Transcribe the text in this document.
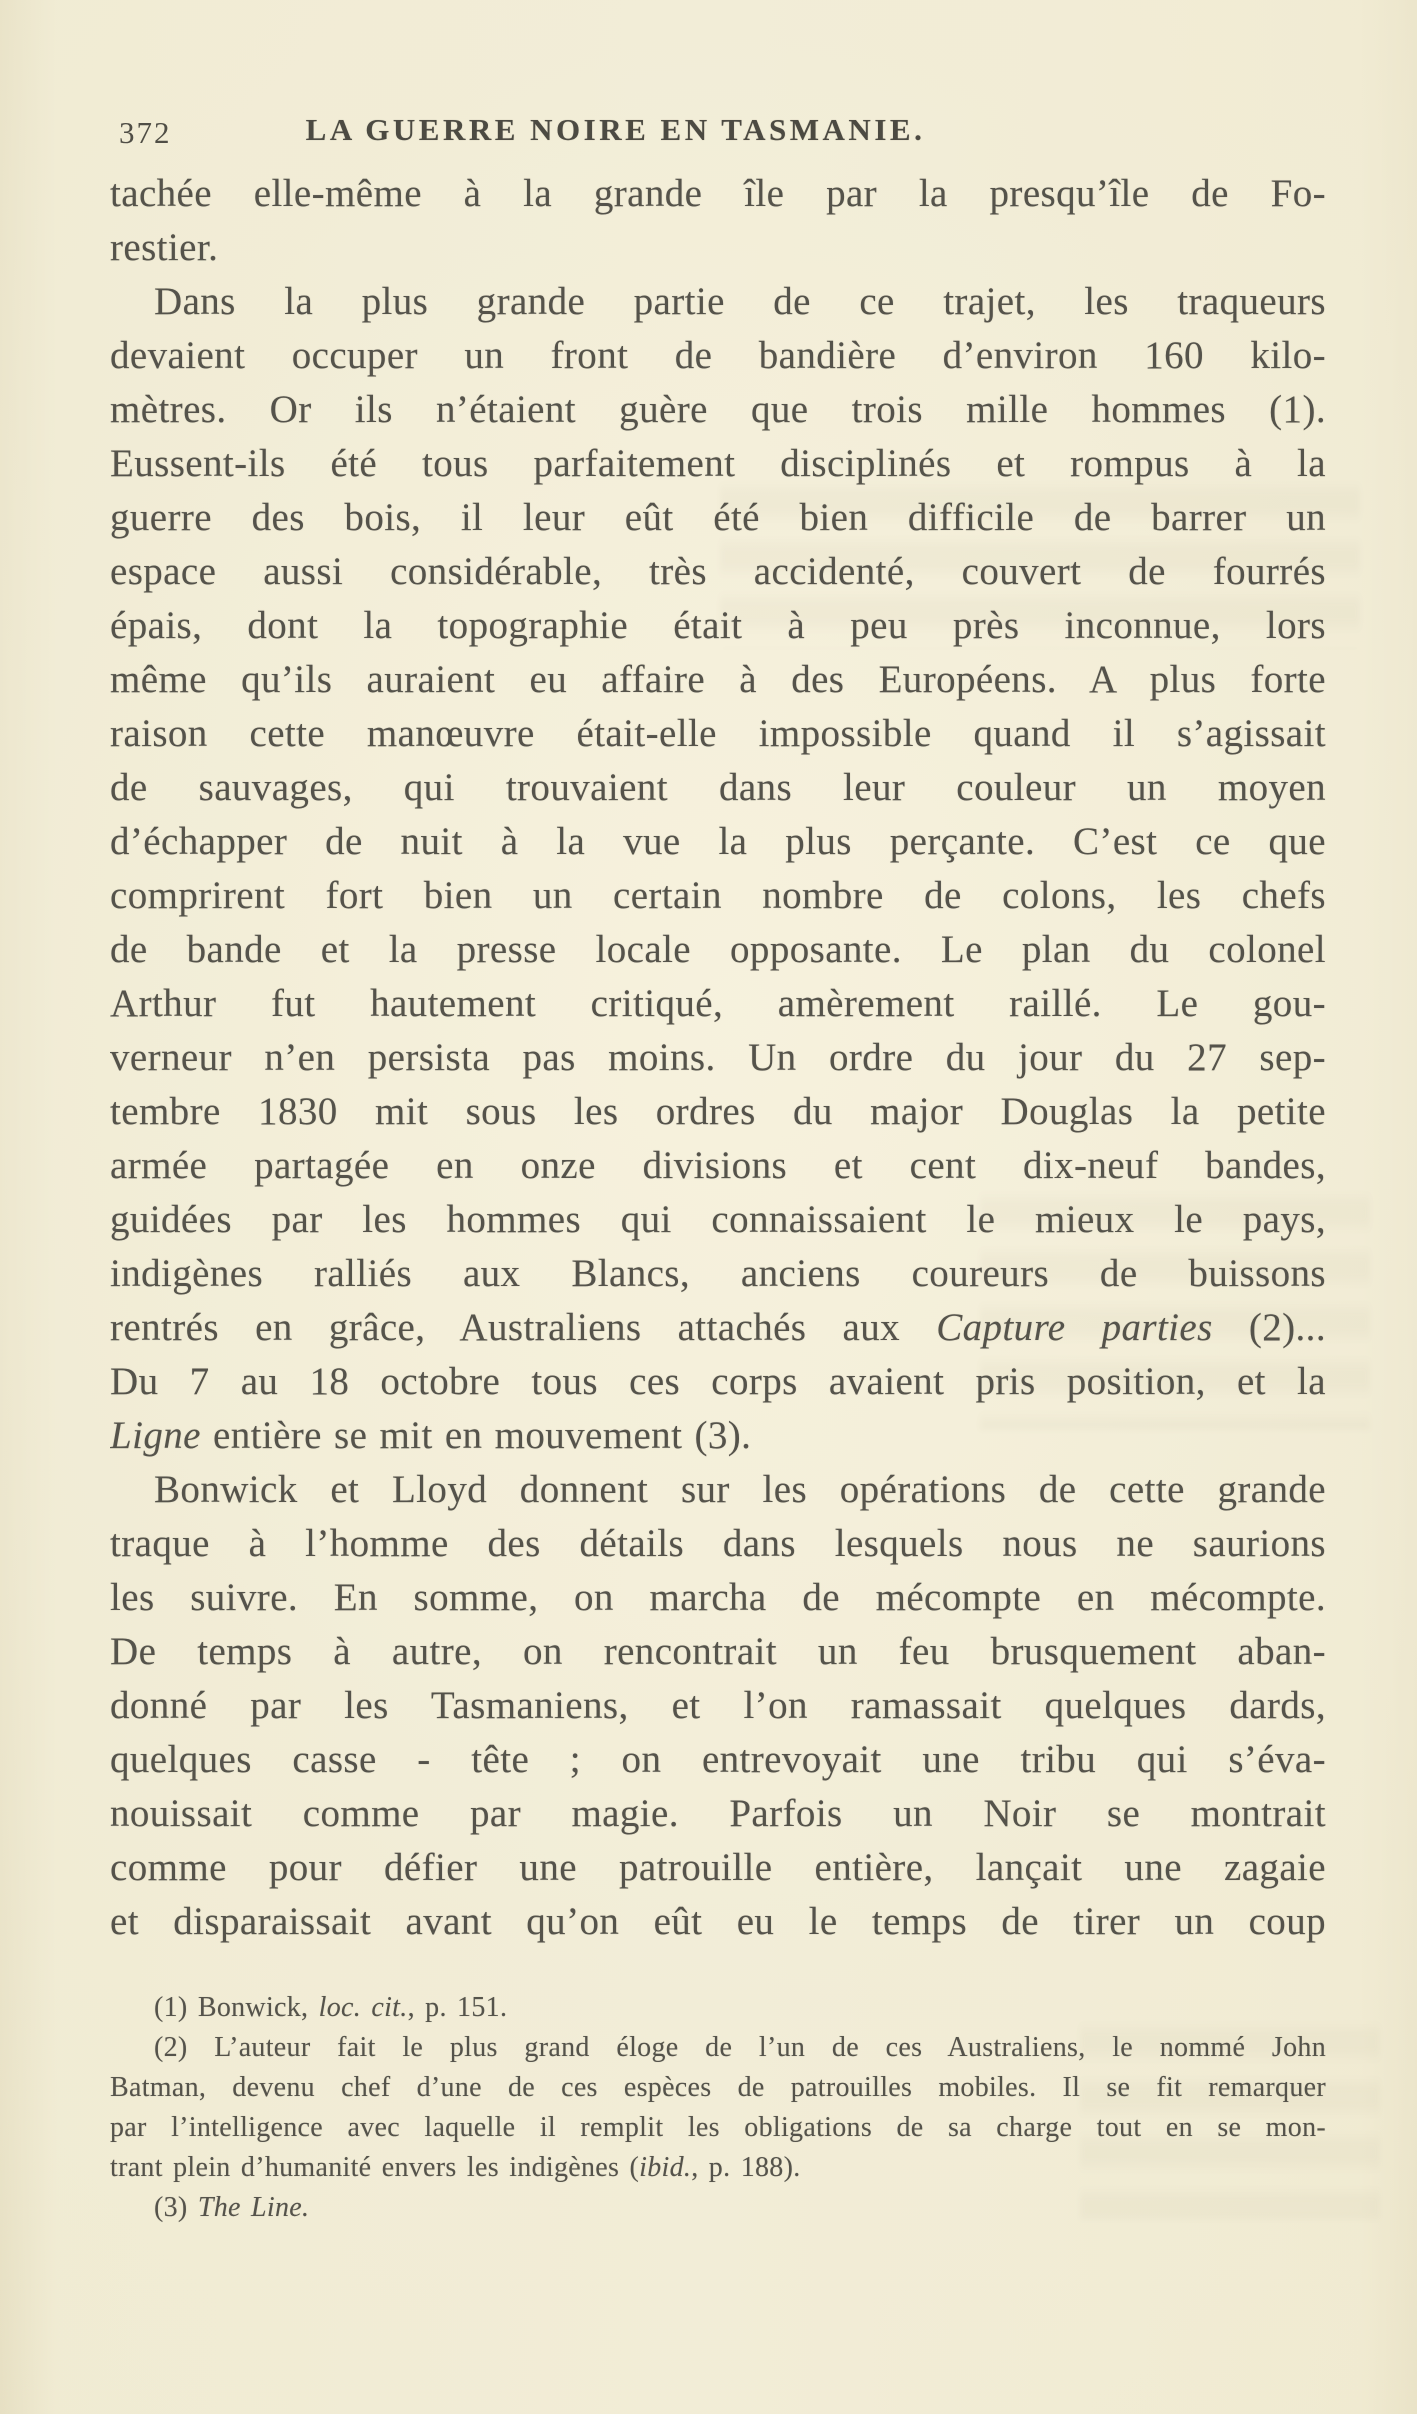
372	LA GUERRE NOIRE EN TASMANIE.
tachée elle-même à la grande île par la presqu’île de Fo-
restier.
Dans la plus grande partie de ce trajet, les traqueurs
devaient occuper un front de bandière d’environ 160 kilo-
mètres. Or ils n’étaient guère que trois mille hommes (1).
Eussent-ils été tous parfaitement disciplinés et rompus à la
guerre des bois, il leur eût été bien difficile de barrer un
espace aussi considérable, très accidenté, couvert de fourrés
épais, dont la topographie était à peu près inconnue, lors
même qu’ils auraient eu affaire à des Européens. A plus forte
raison cette manœuvre était-elle impossible quand il s’agissait
de sauvages, qui trouvaient dans leur couleur un moyen
d’échapper de nuit à la vue la plus perçante. C’est ce que
comprirent fort bien un certain nombre de colons, les chefs
de bande et la presse locale opposante. Le plan du colonel
Arthur fut hautement critiqué, amèrement raillé. Le gou-
verneur n’en persista pas moins. Un ordre du jour du 27 sep-
tembre 1830 mit sous les ordres du major Douglas la petite
armée partagée en onze divisions et cent dix-neuf bandes,
guidées par les hommes qui connaissaient le mieux le pays,
indigènes ralliés aux Blancs, anciens coureurs de buissons
rentrés en grâce, Australiens attachés aux Capture parties (2)...
Du 7 au 18 octobre tous ces corps avaient pris position, et la
Ligne entière se mit en mouvement (3).
Bonwick et Lloyd donnent sur les opérations de cette grande
traque à l’homme des détails dans lesquels nous ne saurions
les suivre. En somme, on marcha de mécompte en mécompte.
De temps à autre, on rencontrait un feu brusquement aban-
donné par les Tasmaniens, et l’on ramassait quelques dards,
quelques casse - tête ; on entrevoyait une tribu qui s’éva-
nouissait comme par magie. Parfois un Noir se montrait
comme pour défier une patrouille entière, lançait une zagaie
et disparaissait avant qu’on eût eu le temps de tirer un coup
(1) Bonwick, loc. cit., p. 151.
(2) L’auteur fait le plus grand éloge de l’un de ces Australiens, le nommé John
Batman, devenu chef d’une de ces espèces de patrouilles mobiles. Il se fit remarquer
par l’intelligence avec laquelle il remplit les obligations de sa charge tout en se mon-
trant plein d’humanité envers les indigènes (ibid., p. 188).
(3) The Line.
